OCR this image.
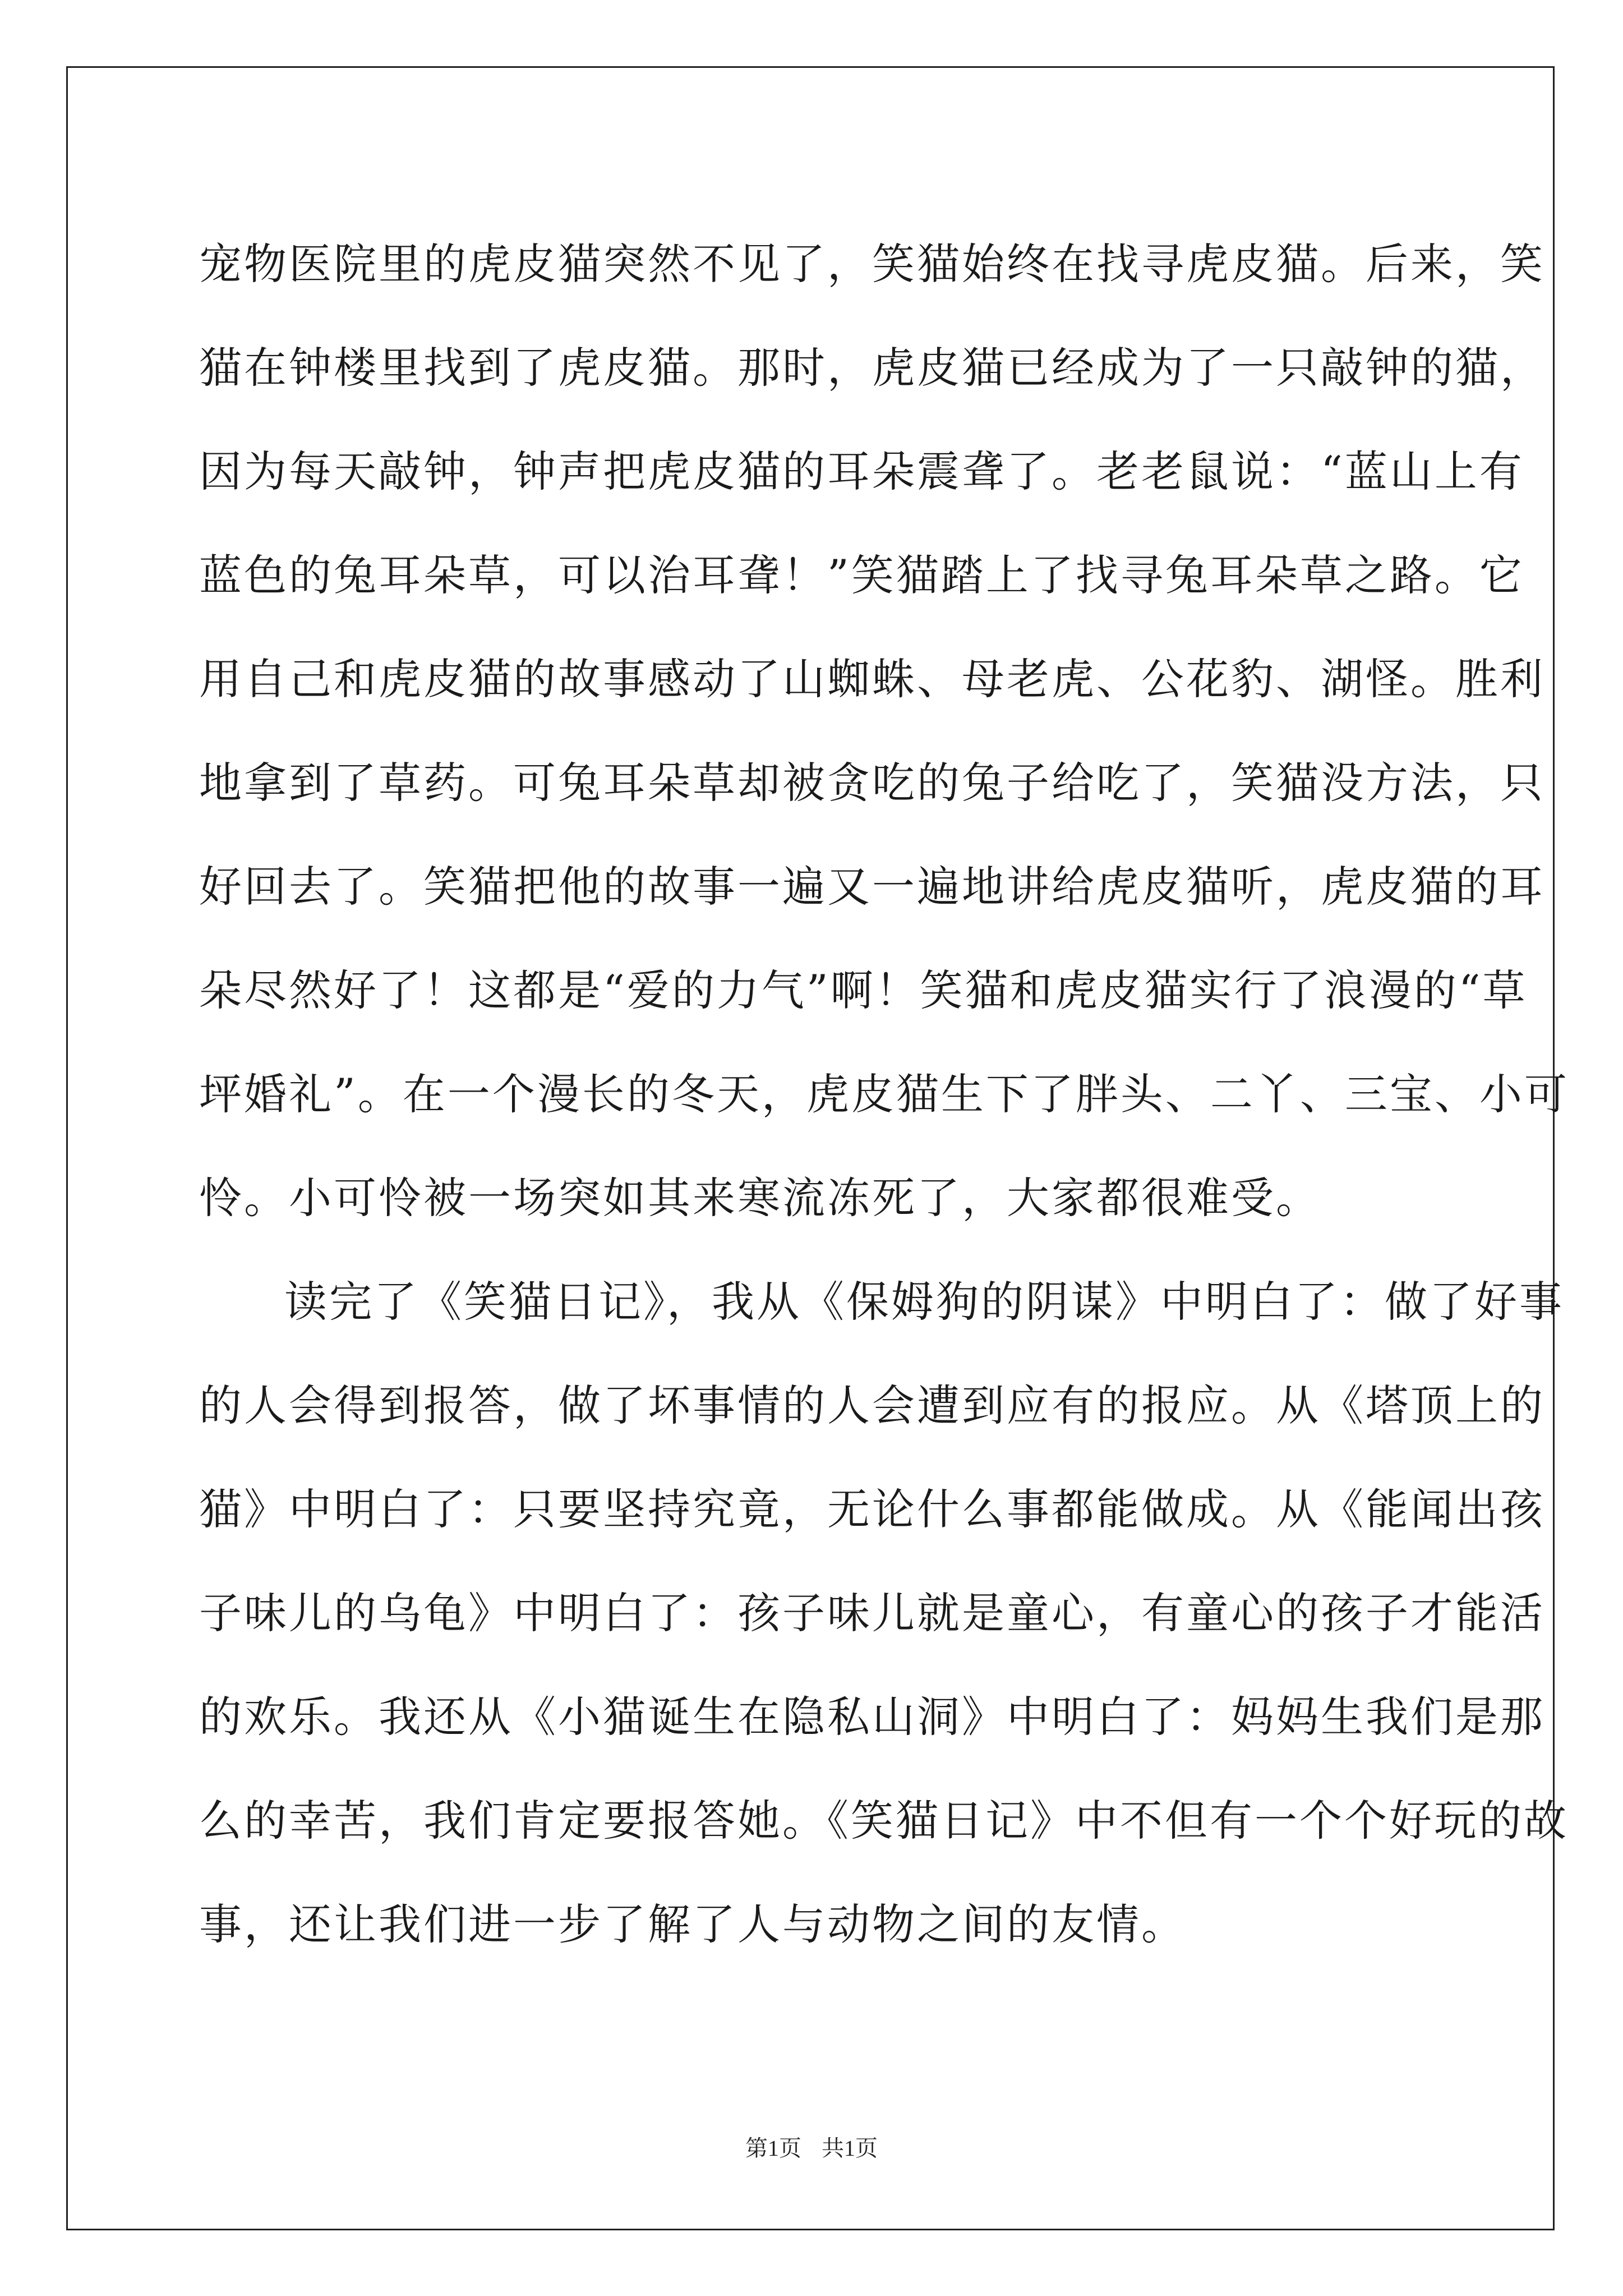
宠物医院里的虎皮猫突然不见了，笑猫始终在找寻虎皮猫。后来，笑
猫在钟楼里找到了虎皮猫。那时，虎皮猫已经成为了一只敲钟的猫，
因为每天敲钟，钟声把虎皮猫的耳朵震聋了。老老鼠说：“蓝山上有
蓝色的兔耳朵草，可以治耳聋！”笑猫踏上了找寻兔耳朵草之路。它
用自己和虎皮猫的故事感动了山蜘蛛、母老虎、公花豹、湖怪。胜利
地拿到了草药。可兔耳朵草却被贪吃的兔子给吃了，笑猫没方法，只
好回去了。笑猫把他的故事一遍又一遍地讲给虎皮猫听，虎皮猫的耳
朵尽然好了！这都是“爱的力气”啊！笑猫和虎皮猫实行了浪漫的“草
坪婚礼”。在一个漫长的冬天，虎皮猫生下了胖头、二丫、三宝、小可
怜。小可怜被一场突如其来寒流冻死了，大家都很难受。
读完了《笑猫日记》，我从《保姆狗的阴谋》中明白了：做了好事
的人会得到报答，做了坏事情的人会遭到应有的报应。从《塔顶上的
猫》中明白了：只要坚持究竟，无论什么事都能做成。从《能闻出孩
子味儿的乌龟》中明白了：孩子味儿就是童心，有童心的孩子才能活
的欢乐。我还从《小猫诞生在隐私山洞》中明白了：妈妈生我们是那
么的幸苦，我们肯定要报答她。《笑猫日记》中不但有一个个好玩的故
事，还让我们进一步了解了人与动物之间的友情。
第1页 共1页
